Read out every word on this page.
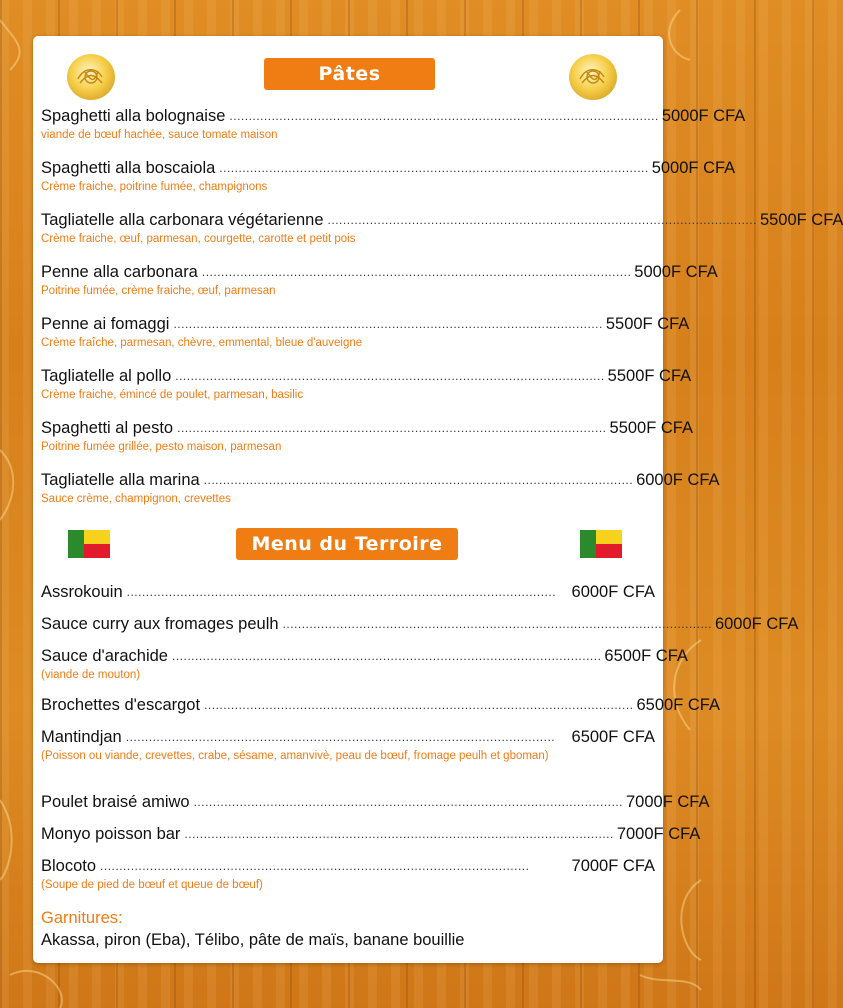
Pâtes
Spaghetti alla bolognaise ................................................................................................................ 5000F CFA
viande de bœuf hachée, sauce tomate maison
Spaghetti alla boscaiola ................................................................................................................ 5000F CFA
Crème fraiche, poitrine fumée, champignons
Tagliatelle alla carbonara végétarienne ................................................................................................................ 5500F CFA
Crème fraiche, œuf, parmesan, courgette, carotte et petit pois
Penne alla carbonara ................................................................................................................ 5000F CFA
Poitrine fumée, crème fraiche, œuf, parmesan
Penne ai fomaggi ................................................................................................................ 5500F CFA
Crème fraîche, parmesan, chèvre, emmental, bleue d'auveigne
Tagliatelle al pollo ................................................................................................................ 5500F CFA
Crème fraiche, émincé de poulet, parmesan, basilic
Spaghetti al pesto ................................................................................................................ 5500F CFA
Poitrine fumée grillée, pesto maison, parmesan
Tagliatelle alla marina ................................................................................................................ 6000F CFA
Sauce crème, champignon, crevettes
Menu du Terroire
Assrokouin ................................................................................................................ 6000F CFA
Sauce curry aux fromages peulh ................................................................................................................ 6000F CFA
Sauce d'arachide ................................................................................................................ 6500F CFA
(viande de mouton)
Brochettes d'escargot ................................................................................................................ 6500F CFA
Mantindjan ................................................................................................................ 6500F CFA
(Poisson ou viande, crevettes, crabe, sésame, amanvivè, peau de bœuf, fromage peulh et gboman)
Poulet braisé amiwo ................................................................................................................ 7000F CFA
Monyo poisson bar ................................................................................................................ 7000F CFA
Blocoto ................................................................................................................	7000F CFA
(Soupe de pied de bœuf et queue de bœuf)
Garnitures:
Akassa, piron (Eba), Télibo, pâte de maïs, banane bouillie
